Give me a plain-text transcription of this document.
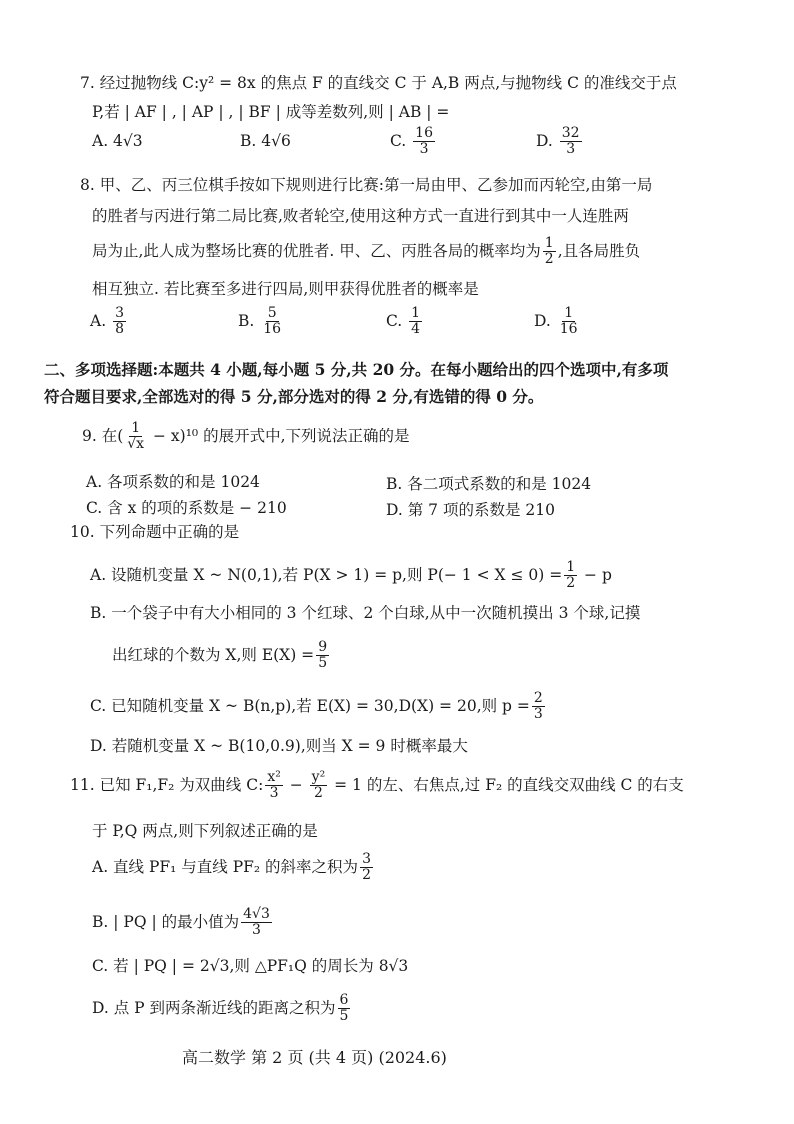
7. 经过抛物线 C:y² = 8x 的焦点 F 的直线交 C 于 A,B 两点,与抛物线 C 的准线交于点
P,若 | AF | , | AP | , | BF | 成等差数列,则 | AB | =
A. 4√3	B. 4√6	C. $\frac{16}{3}$	D. $\frac{32}{3}$
8. 甲、乙、丙三位棋手按如下规则进行比赛:第一局由甲、乙参加而丙轮空,由第一局
的胜者与丙进行第二局比赛,败者轮空,使用这种方式一直进行到其中一人连胜两
局为止,此人成为整场比赛的优胜者. 甲、乙、丙胜各局的概率均为 $\frac{1}{2}$ ,且各局胜负
相互独立. 若比赛至多进行四局,则甲获得优胜者的概率是
A. $\frac{3}{8}$	B. $\frac{5}{16}$	C. $\frac{1}{4}$	D. $\frac{1}{16}$
二、多项选择题:本题共 4 小题,每小题 5 分,共 20 分。在每小题给出的四个选项中,有多项
符合题目要求,全部选对的得 5 分,部分选对的得 2 分,有选错的得 0 分。
9. 在( $\frac{1}{√x} - x)^{10}$ 的展开式中,下列说法正确的是
A. 各项系数的和是 1024	B. 各二项式系数的和是 1024
C. 含 x 的项的系数是 − 210	D. 第 7 项的系数是 210
10. 下列命题中正确的是
A. 设随机变量 X ~ N(0,1),若 P(X > 1) = p,则 $P(- 1 < X \le 0) = \frac{1}{2} - p$
B. 一个袋子中有大小相同的 3 个红球、2 个白球,从中一次随机摸出 3 个球,记摸
出红球的个数为 X,则 $E(X) = \frac{9}{5}$
C. 已知随机变量 X ~ B(n,p),若 E(X) = 30,D(X) = 20,则 $p = \frac{2}{3}$
D. 若随机变量 X ~ B(10,0.9),则当 X = 9 时概率最大
11. 已知 F₁,F₂ 为双曲线 C: $\frac{\text{x²}}{3} - \frac{\text{y²}}{2} = 1$ 的左、右焦点,过 F₂ 的直线交双曲线 C 的右支
于 P,Q 两点,则下列叙述正确的是
A. 直线 PF₁ 与直线 PF₂ 的斜率之积为 $\frac{3}{2}$
B. | PQ | 的最小值为 $\frac{4√3}{3}$
C. 若 | PQ | = 2√3,则 △PF₁Q 的周长为 8√3
D. 点 P 到两条渐近线的距离之积为 $\frac{6}{5}$
高二数学 第 2 页 (共 4 页) (2024.6)
